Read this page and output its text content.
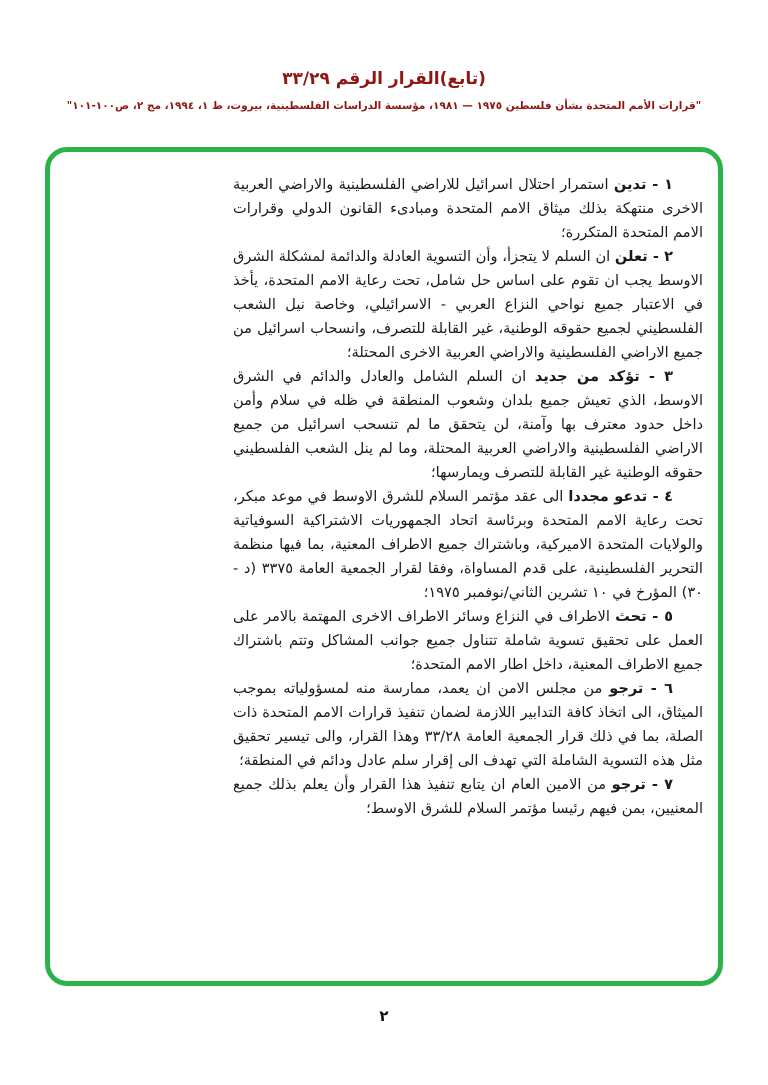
(تابع)القرار الرقم ٣٣/٢٩
"قرارات الأمم المتحدة بشأن فلسطين ١٩٧٥ — ١٩٨١، مؤسسة الدراسات الفلسطينية، بيروت، ط ١، ١٩٩٤، مج ٢، ص١٠٠-١٠١"

١ - تدين استمرار احتلال اسرائيل للاراضي الفلسطينية والاراضي العربية الاخرى منتهكة بذلك ميثاق الامم المتحدة ومبادىء القانون الدولي وقرارات الامم المتحدة المتكررة؛

٢ - تعلن ان السلم لا يتجزأ، وأن التسوية العادلة والدائمة لمشكلة الشرق الاوسط يجب ان تقوم على اساس حل شامل، تحت رعاية الامم المتحدة، يأخذ في الاعتبار جميع نواحي النزاع العربي - الاسرائيلي، وخاصة نيل الشعب الفلسطيني لجميع حقوقه الوطنية، غير القابلة للتصرف، وانسحاب اسرائيل من جميع الاراضي الفلسطينية والاراضي العربية الاخرى المحتلة؛

٣ - تؤكد من جديد ان السلم الشامل والعادل والدائم في الشرق الاوسط، الذي تعيش جميع بلدان وشعوب المنطقة في ظله في سلام وأمن داخل حدود معترف بها وآمنة، لن يتحقق ما لم تنسحب اسرائيل من جميع الاراضي الفلسطينية والاراضي العربية المحتلة، وما لم ينل الشعب الفلسطيني حقوقه الوطنية غير القابلة للتصرف ويمارسها؛

٤ - تدعو مجددا الى عقد مؤتمر السلام للشرق الاوسط في موعد مبكر، تحت رعاية الامم المتحدة وبرئاسة اتحاد الجمهوريات الاشتراكية السوفياتية والولايات المتحدة الاميركية، وباشتراك جميع الاطراف المعنية، بما فيها منظمة التحرير الفلسطينية، على قدم المساواة، وفقا لقرار الجمعية العامة ٣٣٧٥ (د - ٣٠) المؤرخ في ١٠ تشرين الثاني/نوفمبر ١٩٧٥؛

٥ - تحث الاطراف في النزاع وسائر الاطراف الاخرى المهتمة بالامر على العمل على تحقيق تسوية شاملة تتناول جميع جوانب المشاكل وتتم باشتراك جميع الاطراف المعنية، داخل اطار الامم المتحدة؛

٦ - ترجو من مجلس الامن ان يعمد، ممارسة منه لمسؤولياته بموجب الميثاق، الى اتخاذ كافة التدابير اللازمة لضمان تنفيذ قرارات الامم المتحدة ذات الصلة، بما في ذلك قرار الجمعية العامة ٣٣/٢٨ وهذا القرار، والى تيسير تحقيق مثل هذه التسوية الشاملة التي تهدف الى إقرار سلم عادل ودائم في المنطقة؛

٧ - ترجو من الامين العام ان يتابع تنفيذ هذا القرار وأن يعلم بذلك جميع المعنيين، بمن فيهم رئيسا مؤتمر السلام للشرق الاوسط؛

٢
